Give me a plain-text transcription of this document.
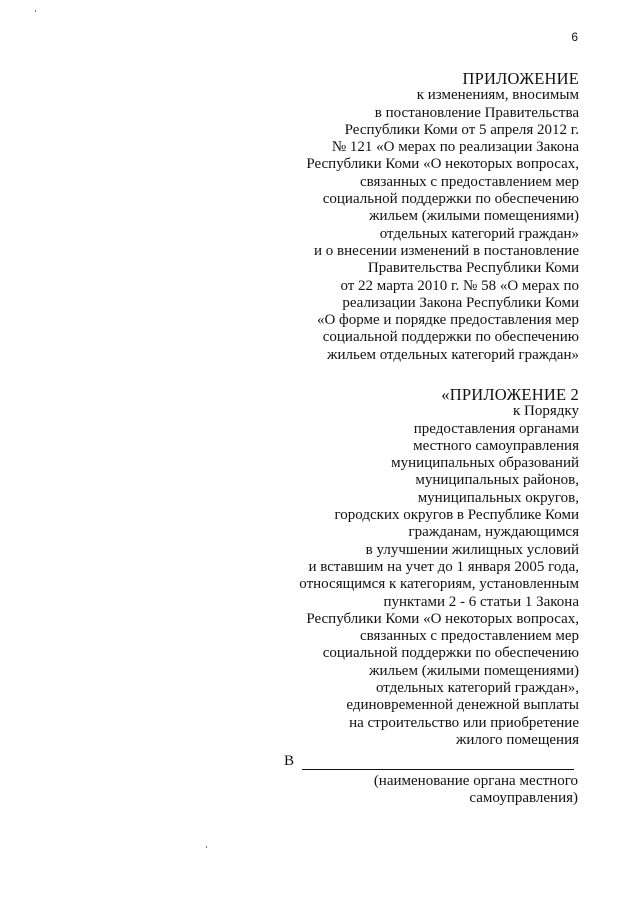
6
ПРИЛОЖЕНИЕ
к изменениям, вносимым
в постановление Правительства
Республики Коми от 5 апреля 2012 г.
№ 121 «О мерах по реализации Закона
Республики Коми «О некоторых вопросах,
связанных с предоставлением мер
социальной поддержки по обеспечению
жильем (жилыми помещениями)
отдельных категорий граждан»
и о внесении изменений в постановление
Правительства Республики Коми
от 22 марта 2010 г. № 58 «О мерах по
реализации Закона Республики Коми
«О форме и порядке предоставления мер
социальной поддержки по обеспечению
жильем отдельных категорий граждан»
«ПРИЛОЖЕНИЕ 2
к Порядку
предоставления органами
местного самоуправления
муниципальных образований
муниципальных районов,
муниципальных округов,
городских округов в Республике Коми
гражданам, нуждающимся
в улучшении жилищных условий
и вставшим на учет до 1 января 2005 года,
относящимся к категориям, установленным
пунктами 2 - 6 статьи 1 Закона
Республики Коми «О некоторых вопросах,
связанных с предоставлением мер
социальной поддержки по обеспечению
жильем (жилыми помещениями)
отдельных категорий граждан»,
единовременной денежной выплаты
на строительство или приобретение
жилого помещения
В
(наименование органа местного
самоуправления)
